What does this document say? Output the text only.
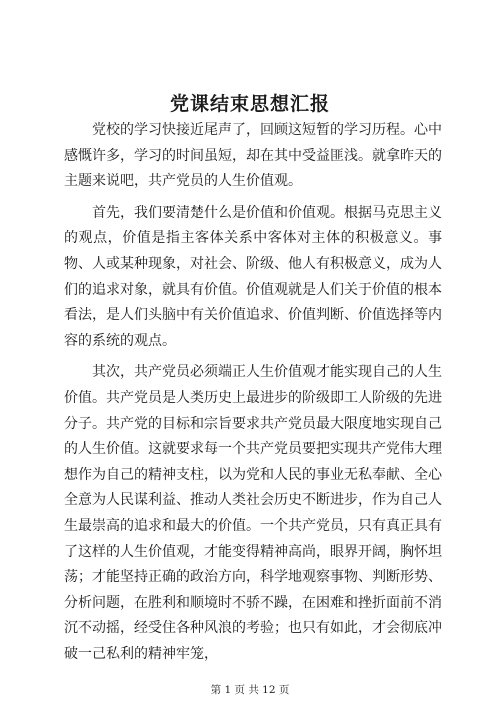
党课结束思想汇报

党校的学习快接近尾声了，回顾这短暂的学习历程。心中感慨许多，学习的时间虽短，却在其中受益匪浅。就拿昨天的主题来说吧，共产党员的人生价值观。

首先，我们要清楚什么是价值和价值观。根据马克思主义的观点，价值是指主客体关系中客体对主体的积极意义。事物、人或某种现象，对社会、阶级、他人有积极意义，成为人们的追求对象，就具有价值。价值观就是人们关于价值的根本看法，是人们头脑中有关价值追求、价值判断、价值选择等内容的系统的观点。

其次，共产党员必须端正人生价值观才能实现自己的人生价值。共产党员是人类历史上最进步的阶级即工人阶级的先进分子。共产党的目标和宗旨要求共产党员最大限度地实现自己的人生价值。这就要求每一个共产党员要把实现共产党伟大理想作为自己的精神支柱，以为党和人民的事业无私奉献、全心全意为人民谋利益、推动人类社会历史不断进步，作为自己人生最崇高的追求和最大的价值。一个共产党员，只有真正具有了这样的人生价值观，才能变得精神高尚，眼界开阔，胸怀坦荡；才能坚持正确的政治方向，科学地观察事物、判断形势、分析问题，在胜利和顺境时不骄不躁，在困难和挫折面前不消沉不动摇，经受住各种风浪的考验；也只有如此，才会彻底冲破一己私利的精神牢笼，

第 1 页 共 12 页
